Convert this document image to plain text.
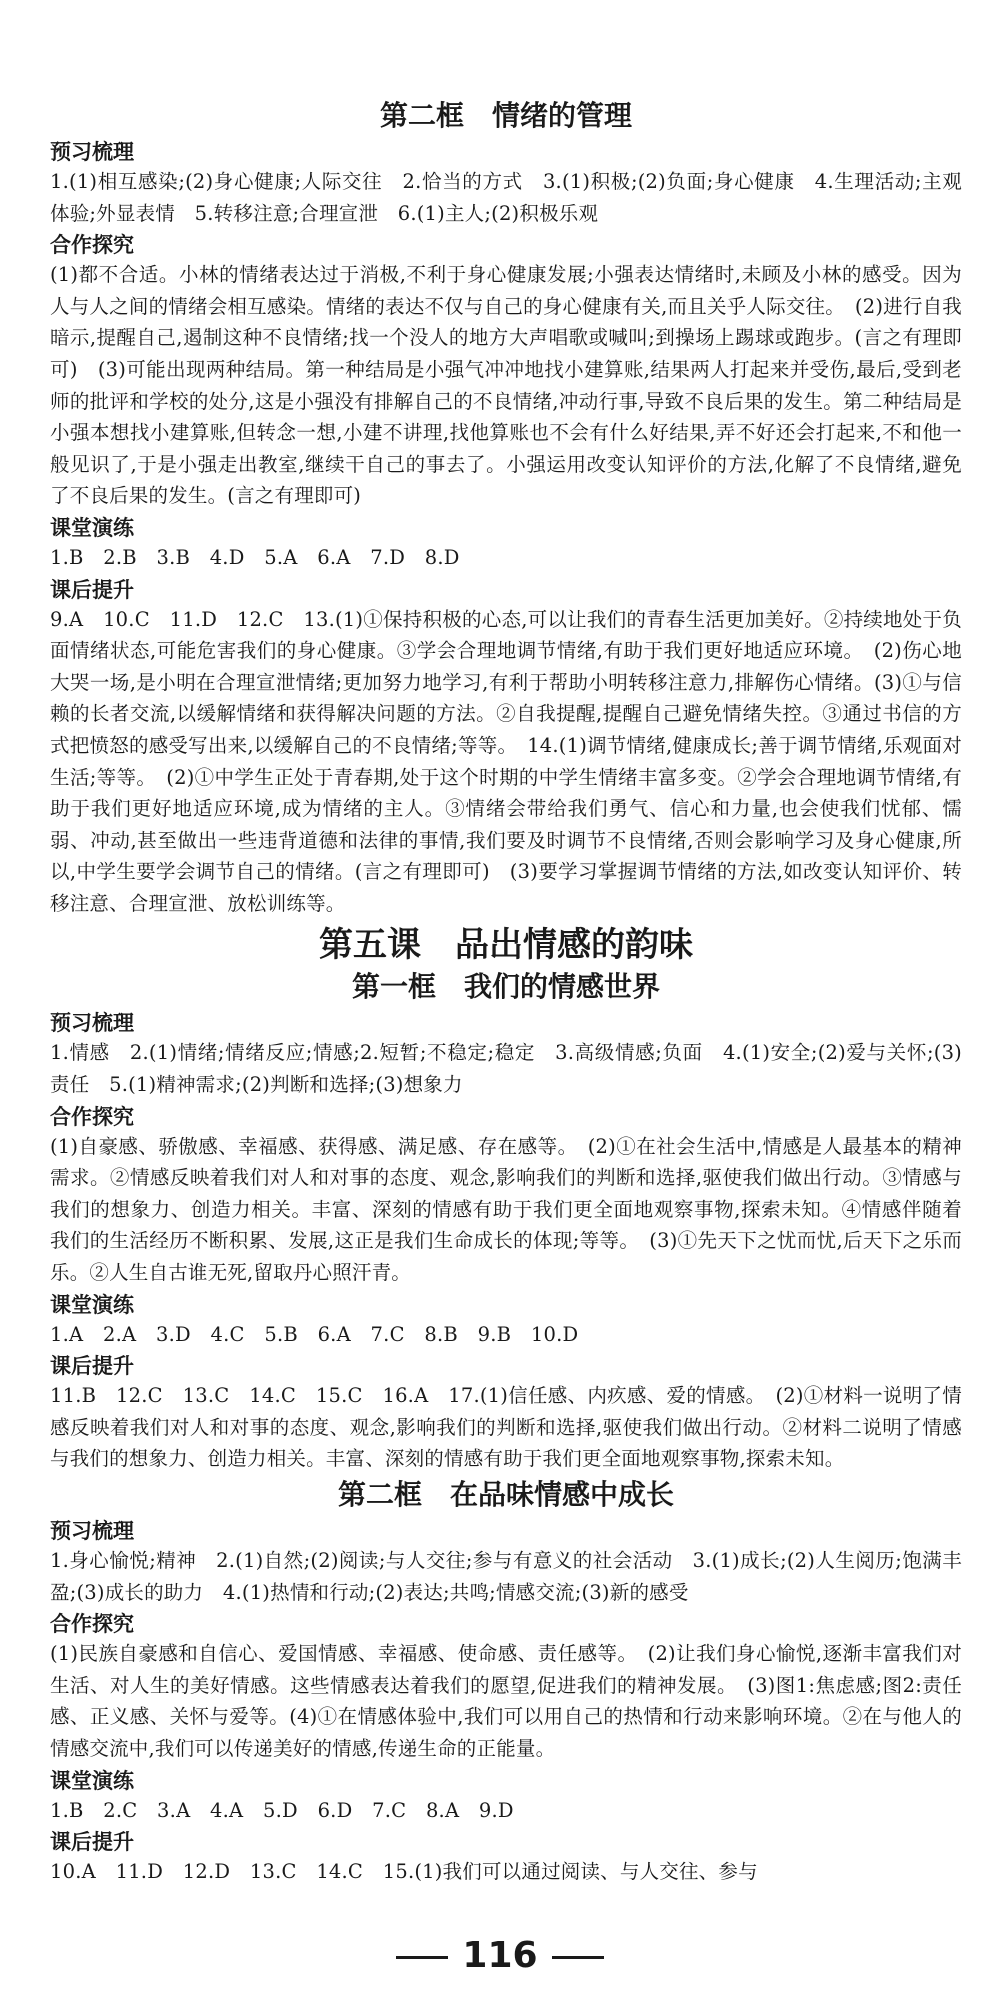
第二框　情绪的管理
预习梳理

1.(1)相互感染;(2)身心健康;人际交往　2.恰当的方式　3.(1)积极;(2)负面;身心健康　4.生理活动;主观体验;外显表情　5.转移注意;合理宣泄　6.(1)主人;(2)积极乐观

合作探究

(1)都不合适。小林的情绪表达过于消极,不利于身心健康发展;小强表达情绪时,未顾及小林的感受。因为人与人之间的情绪会相互感染。情绪的表达不仅与自己的身心健康有关,而且关乎人际交往。　(2)进行自我暗示,提醒自己,遏制这种不良情绪;找一个没人的地方大声唱歌或喊叫;到操场上踢球或跑步。(言之有理即可)　(3)可能出现两种结局。第一种结局是小强气冲冲地找小建算账,结果两人打起来并受伤,最后,受到老师的批评和学校的处分,这是小强没有排解自己的不良情绪,冲动行事,导致不良后果的发生。第二种结局是小强本想找小建算账,但转念一想,小建不讲理,找他算账也不会有什么好结果,弄不好还会打起来,不和他一般见识了,于是小强走出教室,继续干自己的事去了。小强运用改变认知评价的方法,化解了不良情绪,避免了不良后果的发生。(言之有理即可)

课堂演练

1.B　2.B　3.B　4.D　5.A　6.A　7.D　8.D

课后提升

9.A　10.C　11.D　12.C　13.(1)①保持积极的心态,可以让我们的青春生活更加美好。②持续地处于负面情绪状态,可能危害我们的身心健康。③学会合理地调节情绪,有助于我们更好地适应环境。　(2)伤心地大哭一场,是小明在合理宣泄情绪;更加努力地学习,有利于帮助小明转移注意力,排解伤心情绪。(3)①与信赖的长者交流,以缓解情绪和获得解决问题的方法。②自我提醒,提醒自己避免情绪失控。③通过书信的方式把愤怒的感受写出来,以缓解自己的不良情绪;等等。　14.(1)调节情绪,健康成长;善于调节情绪,乐观面对生活;等等。　(2)①中学生正处于青春期,处于这个时期的中学生情绪丰富多变。②学会合理地调节情绪,有助于我们更好地适应环境,成为情绪的主人。③情绪会带给我们勇气、信心和力量,也会使我们忧郁、懦弱、冲动,甚至做出一些违背道德和法律的事情,我们要及时调节不良情绪,否则会影响学习及身心健康,所以,中学生要学会调节自己的情绪。(言之有理即可)　(3)要学习掌握调节情绪的方法,如改变认知评价、转移注意、合理宣泄、放松训练等。

第五课　品出情感的韵味
第一框　我们的情感世界
预习梳理

1.情感　2.(1)情绪;情绪反应;情感;2.短暂;不稳定;稳定　3.高级情感;负面　4.(1)安全;(2)爱与关怀;(3)责任　5.(1)精神需求;(2)判断和选择;(3)想象力

合作探究

(1)自豪感、骄傲感、幸福感、获得感、满足感、存在感等。　(2)①在社会生活中,情感是人最基本的精神需求。②情感反映着我们对人和对事的态度、观念,影响我们的判断和选择,驱使我们做出行动。③情感与我们的想象力、创造力相关。丰富、深刻的情感有助于我们更全面地观察事物,探索未知。④情感伴随着我们的生活经历不断积累、发展,这正是我们生命成长的体现;等等。　(3)①先天下之忧而忧,后天下之乐而乐。②人生自古谁无死,留取丹心照汗青。

课堂演练

1.A　2.A　3.D　4.C　5.B　6.A　7.C　8.B　9.B　10.D

课后提升

11.B　12.C　13.C　14.C　15.C　16.A　17.(1)信任感、内疚感、爱的情感。　(2)①材料一说明了情感反映着我们对人和对事的态度、观念,影响我们的判断和选择,驱使我们做出行动。②材料二说明了情感与我们的想象力、创造力相关。丰富、深刻的情感有助于我们更全面地观察事物,探索未知。

第二框　在品味情感中成长
预习梳理

1.身心愉悦;精神　2.(1)自然;(2)阅读;与人交往;参与有意义的社会活动　3.(1)成长;(2)人生阅历;饱满丰盈;(3)成长的助力　4.(1)热情和行动;(2)表达;共鸣;情感交流;(3)新的感受

合作探究

(1)民族自豪感和自信心、爱国情感、幸福感、使命感、责任感等。　(2)让我们身心愉悦,逐渐丰富我们对生活、对人生的美好情感。这些情感表达着我们的愿望,促进我们的精神发展。　(3)图1:焦虑感;图2:责任感、正义感、关怀与爱等。(4)①在情感体验中,我们可以用自己的热情和行动来影响环境。②在与他人的情感交流中,我们可以传递美好的情感,传递生命的正能量。

课堂演练

1.B　2.C　3.A　4.A　5.D　6.D　7.C　8.A　9.D

课后提升

10.A　11.D　12.D　13.C　14.C　15.(1)我们可以通过阅读、与人交往、参与

116
